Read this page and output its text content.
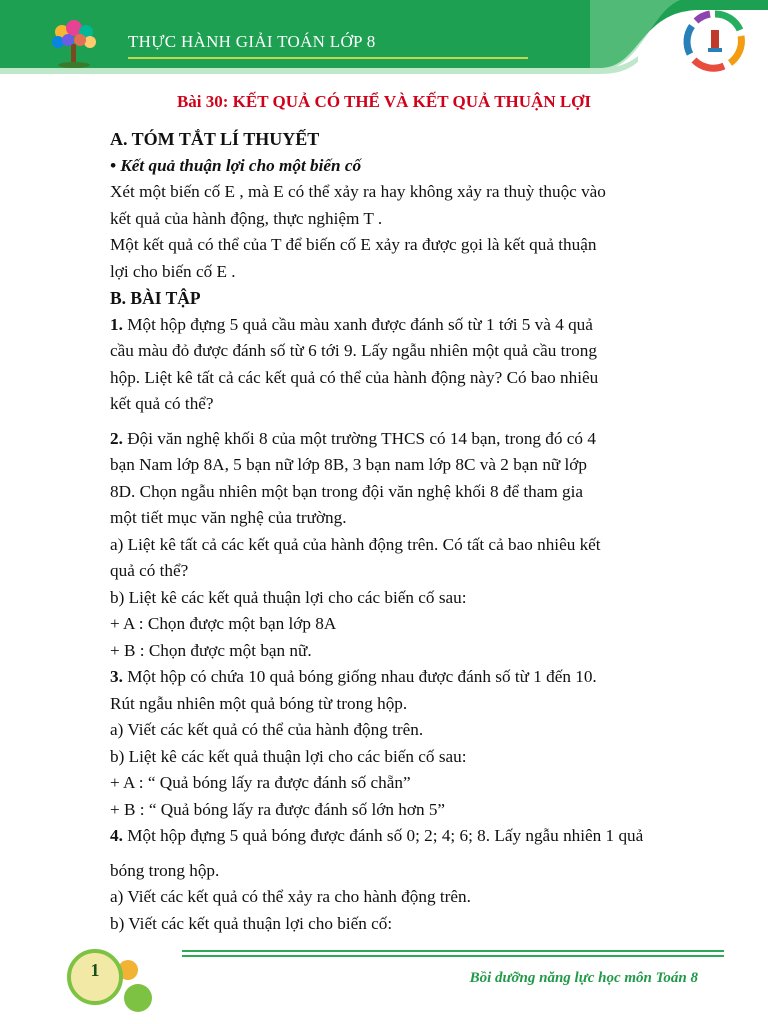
THỰC HÀNH GIẢI TOÁN LỚP 8
Bài 30: KẾT QUẢ CÓ THỂ VÀ KẾT QUẢ THUẬN LỢI

A. TÓM TẮT LÍ THUYẾT

• Kết quả thuận lợi cho một biến cố

Xét một biến cố E , mà E có thể xảy ra hay không xảy ra thuỳ thuộc vào

kết quả của hành động, thực nghiệm T .

Một kết quả có thể của T để biến cố E xảy ra được gọi là kết quả thuận

lợi cho biến cố E .

B. BÀI TẬP

1. Một hộp đựng 5 quả cầu màu xanh được đánh số từ 1 tới 5 và 4 quả

cầu màu đỏ được đánh số từ 6 tới 9. Lấy ngẫu nhiên một quả cầu trong

hộp. Liệt kê tất cả các kết quả có thể của hành động này? Có bao nhiêu

kết quả có thể?

2. Đội văn nghệ khối 8 của một trường THCS có 14 bạn, trong đó có 4

bạn Nam lớp 8A, 5 bạn nữ lớp 8B, 3 bạn nam lớp 8C và 2 bạn nữ lớp

8D. Chọn ngẫu nhiên một bạn trong đội văn nghệ khối 8 để tham gia

một tiết mục văn nghệ của trường.

a) Liệt kê tất cả các kết quả của hành động trên. Có tất cả bao nhiêu kết

quả có thể?

b) Liệt kê các kết quả thuận lợi cho các biến cố sau:

+ A : Chọn được một bạn lớp 8A

+ B : Chọn được một bạn nữ.

3. Một hộp có chứa 10 quả bóng giống nhau được đánh số từ 1 đến 10.

Rút ngẫu nhiên một quả bóng từ trong hộp.

a) Viết các kết quả có thể của hành động trên.

b) Liệt kê các kết quả thuận lợi cho các biến cố sau:

+ A : “ Quả bóng lấy ra được đánh số chẵn”

+ B : “ Quả bóng lấy ra được đánh số lớn hơn 5”

4. Một hộp đựng 5 quả bóng được đánh số 0; 2; 4; 6; 8. Lấy ngẫu nhiên 1 quả

bóng trong hộp.

a) Viết các kết quả có thể xảy ra cho hành động trên.

b) Viết các kết quả thuận lợi cho biến cố:

1	Bồi dưỡng năng lực học môn Toán 8
